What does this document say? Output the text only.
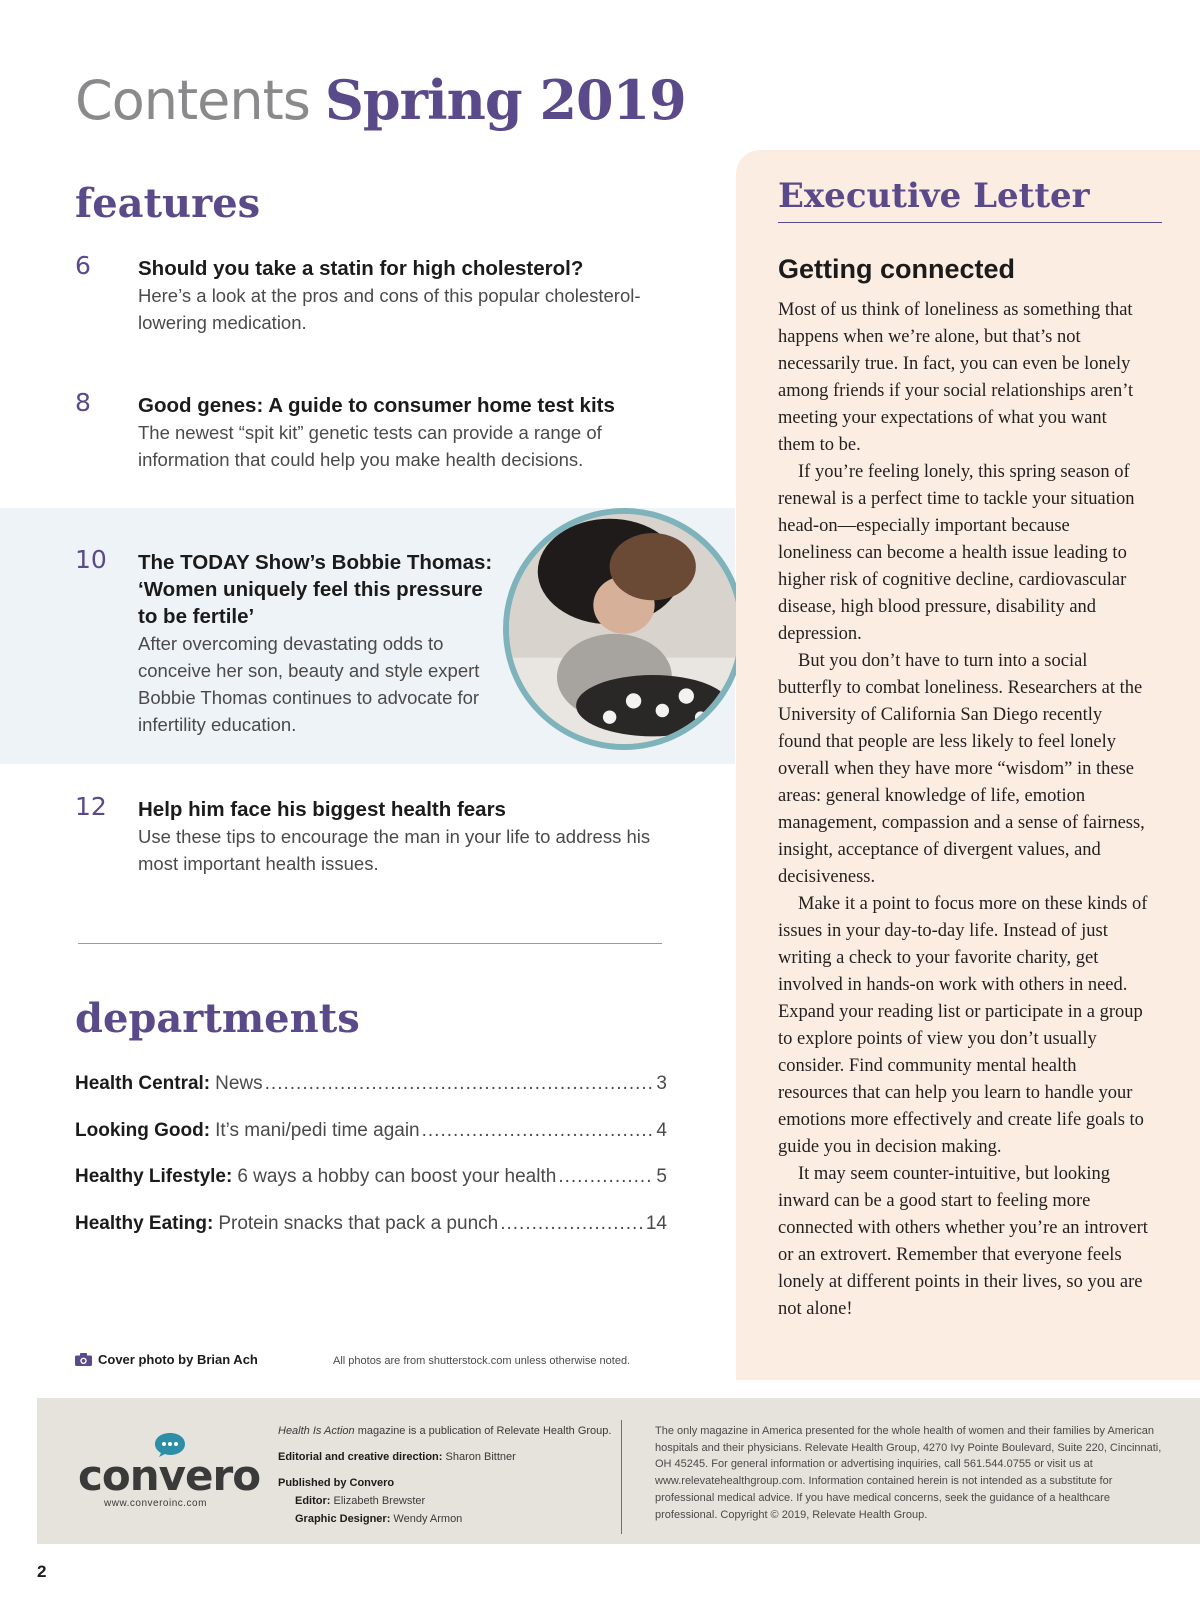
Contents Spring 2019
features
6 Should you take a statin for high cholesterol?
Here’s a look at the pros and cons of this popular cholesterol-lowering medication.
8 Good genes: A guide to consumer home test kits
The newest “spit kit” genetic tests can provide a range of information that could help you make health decisions.
10 The TODAY Show’s Bobbie Thomas: ‘Women uniquely feel this pressure to be fertile’
After overcoming devastating odds to conceive her son, beauty and style expert Bobbie Thomas continues to advocate for infertility education.
12 Help him face his biggest health fears
Use these tips to encourage the man in your life to address his most important health issues.
departments
Health Central: News .....	3
Looking Good: It’s mani/pedi time again .....	4
Healthy Lifestyle: 6 ways a hobby can boost your health .....	5
Healthy Eating: Protein snacks that pack a punch .....	14
Cover photo by Brian Ach	All photos are from shutterstock.com unless otherwise noted.
Executive Letter
Getting connected

Most of us think of loneliness as something that happens when we’re alone, but that’s not necessarily true. In fact, you can even be lonely among friends if your social relationships aren’t meeting your expectations of what you want them to be.

If you’re feeling lonely, this spring season of renewal is a perfect time to tackle your situation head-on—especially important because loneliness can become a health issue leading to higher risk of cognitive decline, cardiovascular disease, high blood pressure, disability and depression.

But you don’t have to turn into a social butterfly to combat loneliness. Researchers at the University of California San Diego recently found that people are less likely to feel lonely overall when they have more “wisdom” in these areas: general knowledge of life, emotion management, compassion and a sense of fairness, insight, acceptance of divergent values, and decisiveness.

Make it a point to focus more on these kinds of issues in your day-to-day life. Instead of just writing a check to your favorite charity, get involved in hands-on work with others in need. Expand your reading list or participate in a group to explore points of view you don’t usually consider. Find community mental health resources that can help you learn to handle your emotions more effectively and create life goals to guide you in decision making.

It may seem counter-intuitive, but looking inward can be a good start to feeling more connected with others whether you’re an introvert or an extrovert. Remember that everyone feels lonely at different points in their lives, so you are not alone!

convero
www.converoinc.com
Health Is Action magazine is a publication of Relevate Health Group.
Editorial and creative direction: Sharon Bittner
Published by Convero
Editor: Elizabeth Brewster
Graphic Designer: Wendy Armon
The only magazine in America presented for the whole health of women and their families by American hospitals and their physicians. Relevate Health Group, 4270 Ivy Pointe Boulevard, Suite 220, Cincinnati, OH 45245. For general information or advertising inquiries, call 561.544.0755 or visit us at www.relevatehealthgroup.com. Information contained herein is not intended as a substitute for professional medical advice. If you have medical concerns, seek the guidance of a healthcare professional. Copyright © 2019, Relevate Health Group.
2
